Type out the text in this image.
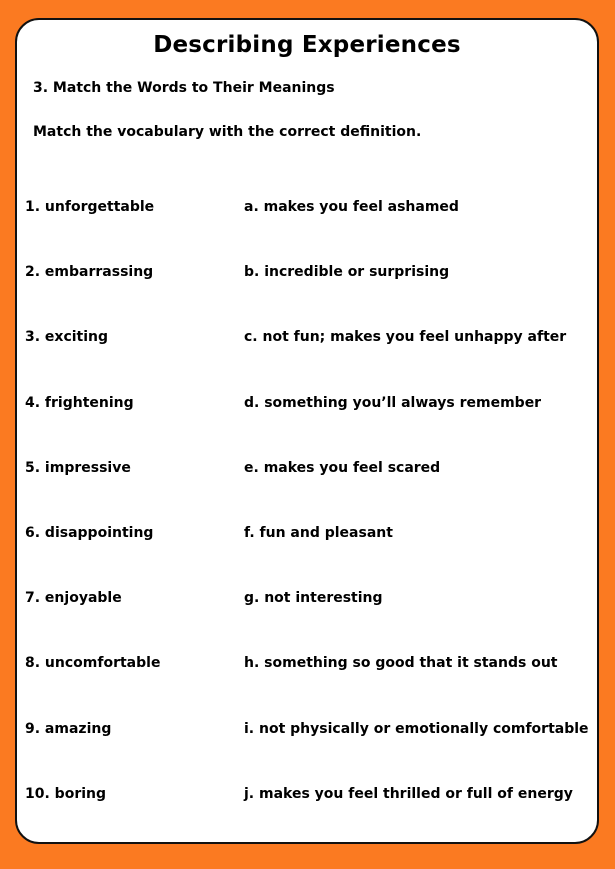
Describing Experiences
3. Match the Words to Their Meanings
Match the vocabulary with the correct definition.
1. unforgettable	a. makes you feel ashamed
2. embarrassing	b. incredible or surprising
3. exciting	c. not fun; makes you feel unhappy after
4. frightening	d. something you’ll always remember
5. impressive	e. makes you feel scared
6. disappointing	f. fun and pleasant
7. enjoyable	g. not interesting
8. uncomfortable	h. something so good that it stands out
9. amazing	i. not physically or emotionally comfortable
10. boring	j. makes you feel thrilled or full of energy
